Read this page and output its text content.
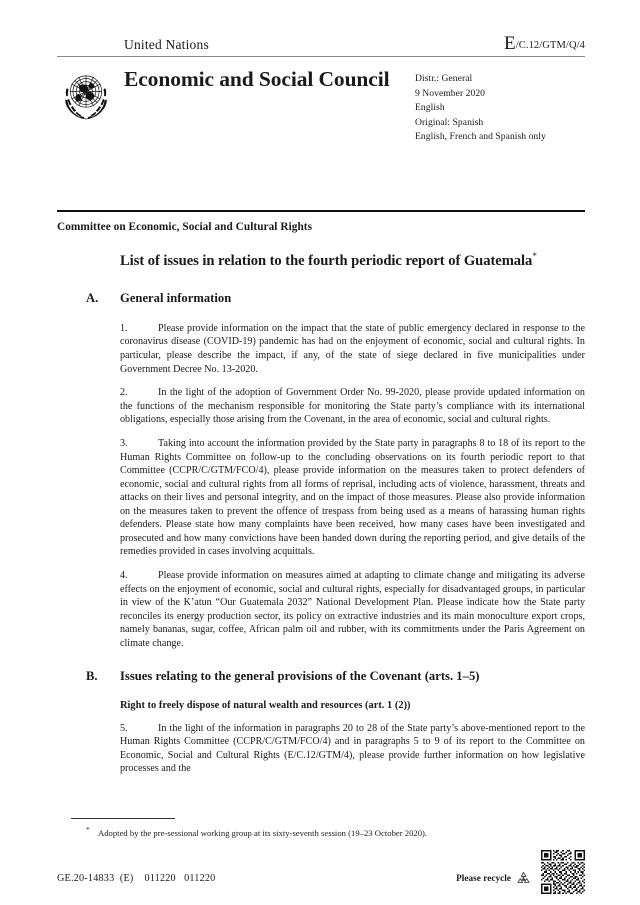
United Nations	E/C.12/GTM/Q/4
Economic and Social Council	Distr.: General
9 November 2020
English
Original: Spanish
English, French and Spanish only
Committee on Economic, Social and Cultural Rights
List of issues in relation to the fourth periodic report of Guatemala*
A.	General information

1.	Please provide information on the impact that the state of public emergency declared in response to the coronavirus disease (COVID-19) pandemic has had on the enjoyment of economic, social and cultural rights. In particular, please describe the impact, if any, of the state of siege declared in five municipalities under Government Decree No. 13-2020.

2.	In the light of the adoption of Government Order No. 99-2020, please provide updated information on the functions of the mechanism responsible for monitoring the State party’s compliance with its international obligations, especially those arising from the Covenant, in the area of economic, social and cultural rights.

3.	Taking into account the information provided by the State party in paragraphs 8 to 18 of its report to the Human Rights Committee on follow-up to the concluding observations on its fourth periodic report to that Committee (CCPR/C/GTM/FCO/4), please provide information on the measures taken to protect defenders of economic, social and cultural rights from all forms of reprisal, including acts of violence, harassment, threats and attacks on their lives and personal integrity, and on the impact of those measures. Please also provide information on the measures taken to prevent the offence of trespass from being used as a means of harassing human rights defenders. Please state how many complaints have been received, how many cases have been investigated and prosecuted and how many convictions have been handed down during the reporting period, and give details of the remedies provided in cases involving acquittals.

4.	Please provide information on measures aimed at adapting to climate change and mitigating its adverse effects on the enjoyment of economic, social and cultural rights, especially for disadvantaged groups, in particular in view of the K’atun “Our Guatemala 2032” National Development Plan. Please indicate how the State party reconciles its energy production sector, its policy on extractive industries and its main monoculture export crops, namely bananas, sugar, coffee, African palm oil and rubber, with its commitments under the Paris Agreement on climate change.

B.	Issues relating to the general provisions of the Covenant (arts. 1–5)
Right to freely dispose of natural wealth and resources (art. 1 (2))

5.	In the light of the information in paragraphs 20 to 28 of the State party’s above-mentioned report to the Human Rights Committee (CCPR/C/GTM/FCO/4) and in paragraphs 5 to 9 of its report to the Committee on Economic, Social and Cultural Rights (E/C.12/GTM/4), please provide further information on how legislative processes and the

* Adopted by the pre-sessional working group at its sixty-seventh session (19–23 October 2020).
GE.20-14833  (E)    011220   011220	Please recycle
